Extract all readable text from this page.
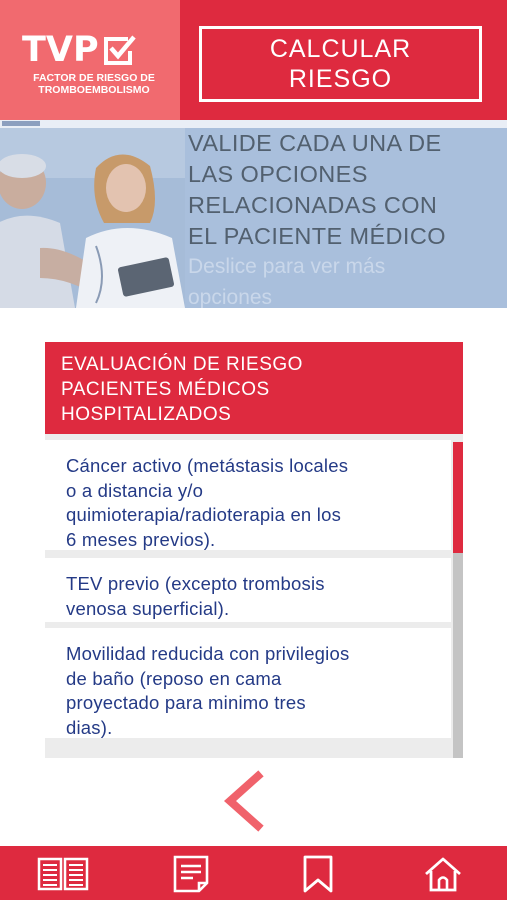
TVP
FACTOR DE RIESGO DE
TROMBOEMBOLISMO
CALCULAR
RIESGO
VALIDE CADA UNA DE
LAS OPCIONES
RELACIONADAS CON
EL PACIENTE MÉDICO
Deslice para ver más
opciones
EVALUACIÓN DE RIESGO
PACIENTES MÉDICOS
HOSPITALIZADOS
Cáncer activo (metástasis locales
o a distancia y/o
quimioterapia/radioterapia en los
6 meses previos).
TEV previo (excepto trombosis
venosa superficial).
Movilidad reducida con privilegios
de baño (reposo en cama
proyectado para minimo tres
dias).
